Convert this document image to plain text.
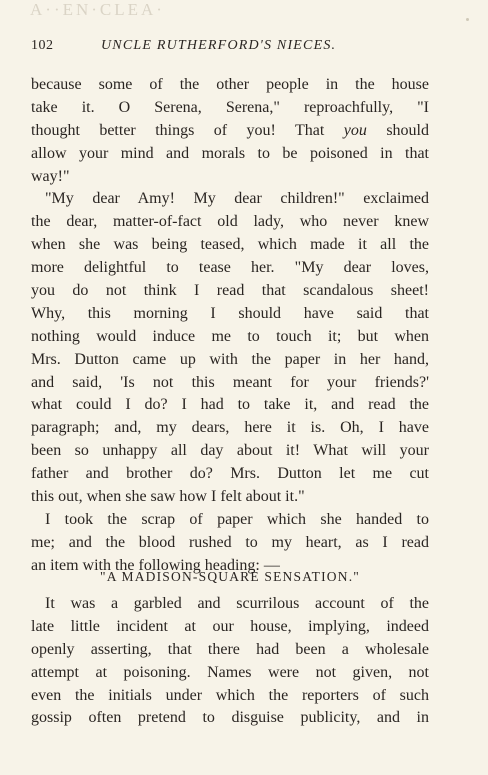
A··EN·CLEA·
102	UNCLE RUTHERFORD'S NIECES.
because some of the other people in the house
take it. O Serena, Serena," reproachfully, "I
thought better things of you! That you should
allow your mind and morals to be poisoned in that
way!"
"My dear Amy! My dear children!" exclaimed
the dear, matter-of-fact old lady, who never knew
when she was being teased, which made it all the
more delightful to tease her. "My dear loves,
you do not think I read that scandalous sheet!
Why, this morning I should have said that
nothing would induce me to touch it; but when
Mrs. Dutton came up with the paper in her hand,
and said, 'Is not this meant for your friends?'
what could I do? I had to take it, and read the
paragraph; and, my dears, here it is. Oh, I have
been so unhappy all day about it! What will your
father and brother do? Mrs. Dutton let me cut
this out, when she saw how I felt about it."
I took the scrap of paper which she handed to
me; and the blood rushed to my heart, as I read
an item with the following heading: —
"A MADISON-SQUARE SENSATION."
It was a garbled and scurrilous account of the
late little incident at our house, implying, indeed
openly asserting, that there had been a wholesale
attempt at poisoning. Names were not given, not
even the initials under which the reporters of such
gossip often pretend to disguise publicity, and in
